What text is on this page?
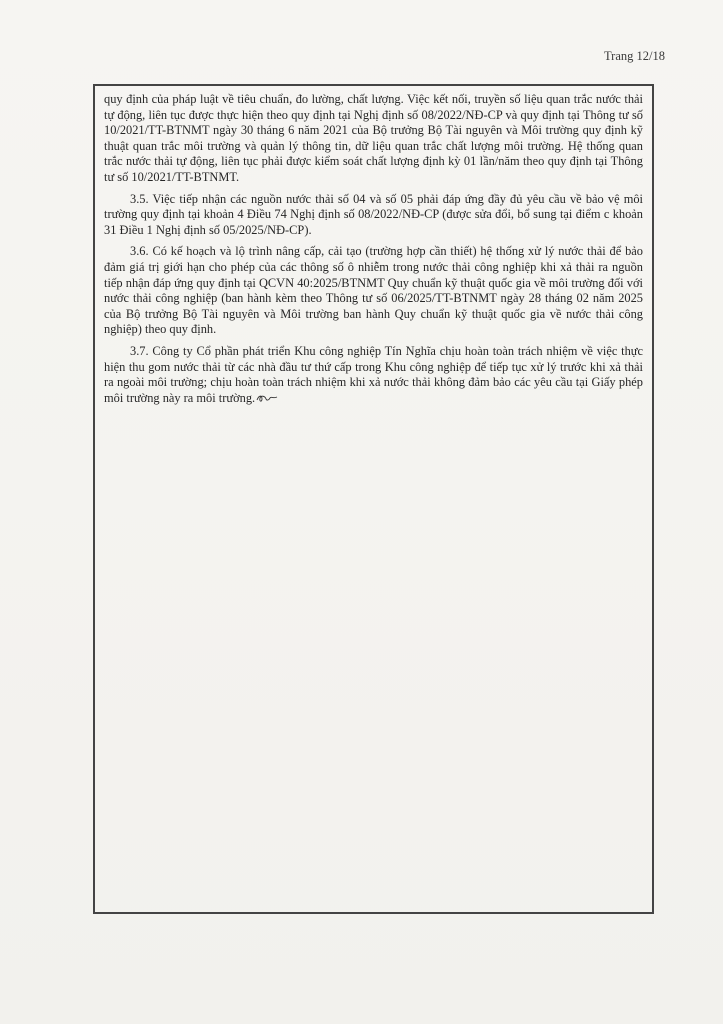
Trang 12/18

quy định của pháp luật về tiêu chuẩn, đo lường, chất lượng. Việc kết nối, truyền số liệu quan trắc nước thải tự động, liên tục được thực hiện theo quy định tại Nghị định số 08/2022/NĐ-CP và quy định tại Thông tư số 10/2021/TT-BTNMT ngày 30 tháng 6 năm 2021 của Bộ trưởng Bộ Tài nguyên và Môi trường quy định kỹ thuật quan trắc môi trường và quản lý thông tin, dữ liệu quan trắc chất lượng môi trường. Hệ thống quan trắc nước thải tự động, liên tục phải được kiểm soát chất lượng định kỳ 01 lần/năm theo quy định tại Thông tư số 10/2021/TT-BTNMT.

3.5. Việc tiếp nhận các nguồn nước thải số 04 và số 05 phải đáp ứng đầy đủ yêu cầu về bảo vệ môi trường quy định tại khoản 4 Điều 74 Nghị định số 08/2022/NĐ-CP (được sửa đổi, bổ sung tại điểm c khoản 31 Điều 1 Nghị định số 05/2025/NĐ-CP).

3.6. Có kế hoạch và lộ trình nâng cấp, cải tạo (trường hợp cần thiết) hệ thống xử lý nước thải để bảo đảm giá trị giới hạn cho phép của các thông số ô nhiễm trong nước thải công nghiệp khi xả thải ra nguồn tiếp nhận đáp ứng quy định tại QCVN 40:2025/BTNMT Quy chuẩn kỹ thuật quốc gia về môi trường đối với nước thải công nghiệp (ban hành kèm theo Thông tư số 06/2025/TT-BTNMT ngày 28 tháng 02 năm 2025 của Bộ trưởng Bộ Tài nguyên và Môi trường ban hành Quy chuẩn kỹ thuật quốc gia về nước thải công nghiệp) theo quy định.

3.7. Công ty Cổ phần phát triển Khu công nghiệp Tín Nghĩa chịu hoàn toàn trách nhiệm về việc thực hiện thu gom nước thải từ các nhà đầu tư thứ cấp trong Khu công nghiệp để tiếp tục xử lý trước khi xả thải ra ngoài môi trường; chịu hoàn toàn trách nhiệm khi xả nước thải không đảm bảo các yêu cầu tại Giấy phép môi trường này ra môi trường.
